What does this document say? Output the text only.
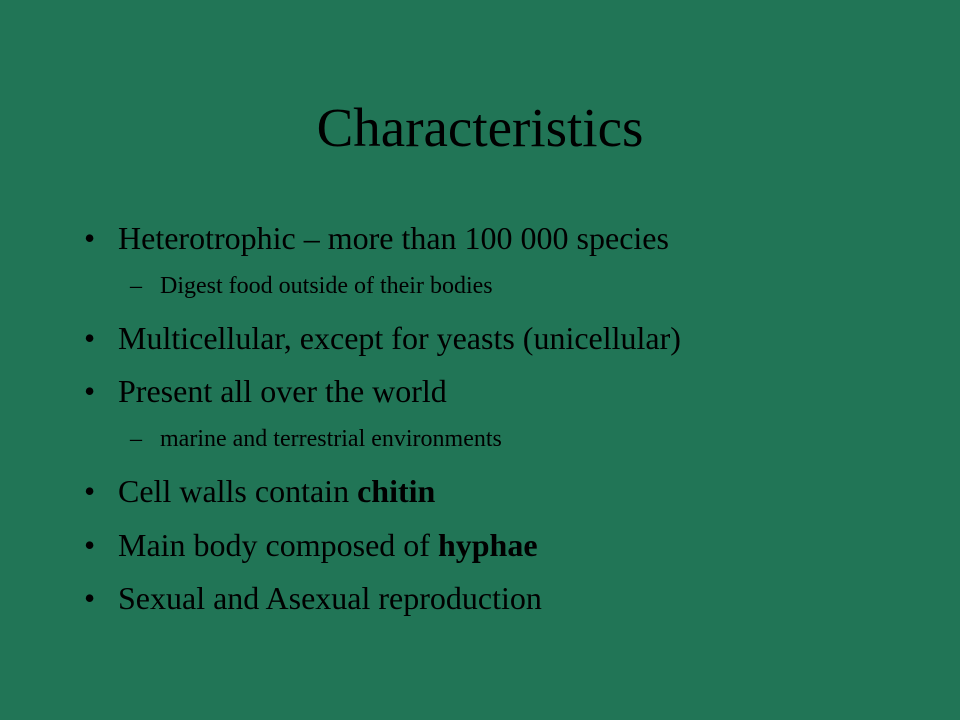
Characteristics
• Heterotrophic – more than 100 000 species
– Digest food outside of their bodies
• Multicellular, except for yeasts (unicellular)
• Present all over the world
– marine and terrestrial environments
• Cell walls contain chitin
• Main body composed of hyphae
• Sexual and Asexual reproduction
